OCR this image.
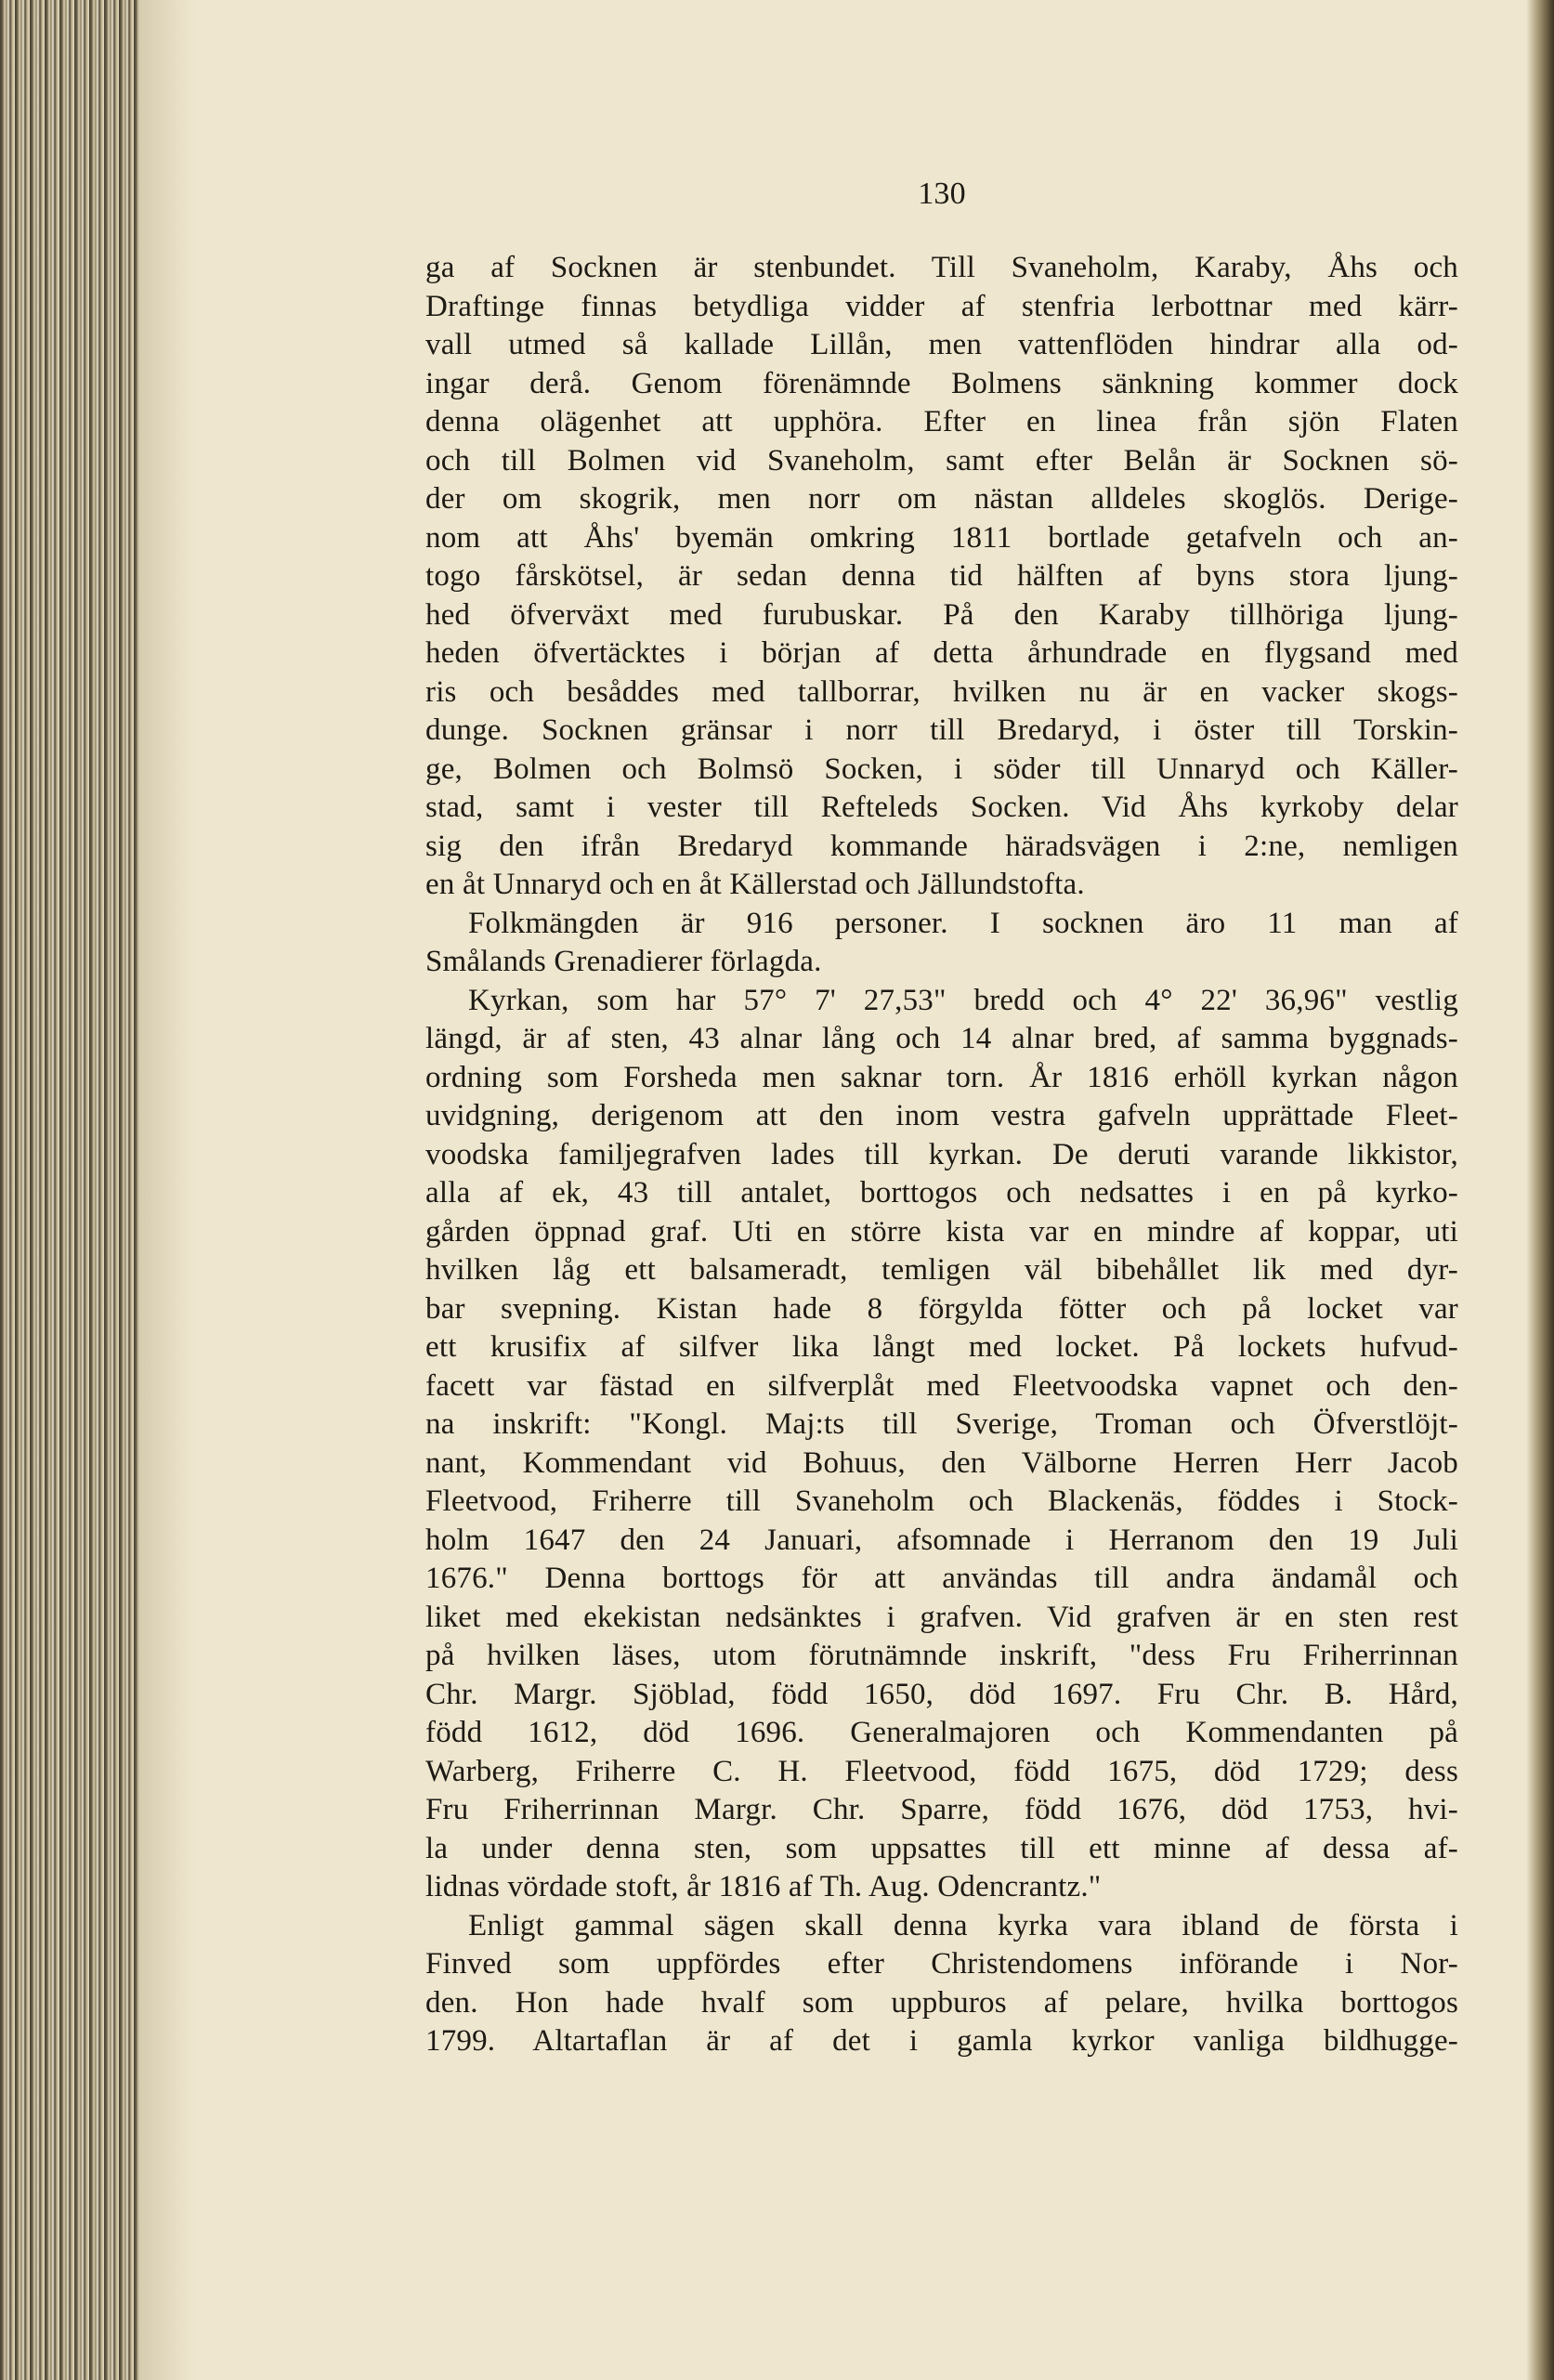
130
ga af Socknen är stenbundet. Till Svaneholm, Karaby, Åhs och
Draftinge finnas betydliga vidder af stenfria lerbottnar med kärr-
vall utmed så kallade Lillån, men vattenflöden hindrar alla od-
ingar derå. Genom förenämnde Bolmens sänkning kommer dock
denna olägenhet att upphöra. Efter en linea från sjön Flaten
och till Bolmen vid Svaneholm, samt efter Belån är Socknen sö-
der om skogrik, men norr om nästan alldeles skoglös. Derige-
nom att Åhs' byemän omkring 1811 bortlade getafveln och an-
togo fårskötsel, är sedan denna tid hälften af byns stora ljung-
hed öfverväxt med furubuskar. På den Karaby tillhöriga ljung-
heden öfvertäcktes i början af detta århundrade en flygsand med
ris och besåddes med tallborrar, hvilken nu är en vacker skogs-
dunge. Socknen gränsar i norr till Bredaryd, i öster till Torskin-
ge, Bolmen och Bolmsö Socken, i söder till Unnaryd och Käller-
stad, samt i vester till Refteleds Socken. Vid Åhs kyrkoby delar
sig den ifrån Bredaryd kommande häradsvägen i 2:ne, nemligen
en åt Unnaryd och en åt Källerstad och Jällundstofta.
Folkmängden är 916 personer. I socknen äro 11 man af
Smålands Grenadierer förlagda.
Kyrkan, som har 57° 7' 27,53" bredd och 4° 22' 36,96" vestlig
längd, är af sten, 43 alnar lång och 14 alnar bred, af samma byggnads-
ordning som Forsheda men saknar torn. År 1816 erhöll kyrkan någon
uvidgning, derigenom att den inom vestra gafveln upprättade Fleet-
voodska familjegrafven lades till kyrkan. De deruti varande likkistor,
alla af ek, 43 till antalet, borttogos och nedsattes i en på kyrko-
gården öppnad graf. Uti en större kista var en mindre af koppar, uti
hvilken låg ett balsameradt, temligen väl bibehållet lik med dyr-
bar svepning. Kistan hade 8 förgylda fötter och på locket var
ett krusifix af silfver lika långt med locket. På lockets hufvud-
facett var fästad en silfverplåt med Fleetvoodska vapnet och den-
na inskrift: "Kongl. Maj:ts till Sverige, Troman och Öfverstlöjt-
nant, Kommendant vid Bohuus, den Välborne Herren Herr Jacob
Fleetvood, Friherre till Svaneholm och Blackenäs, föddes i Stock-
holm 1647 den 24 Januari, afsomnade i Herranom den 19 Juli
1676." Denna borttogs för att användas till andra ändamål och
liket med ekekistan nedsänktes i grafven. Vid grafven är en sten rest
på hvilken läses, utom förutnämnde inskrift, "dess Fru Friherrinnan
Chr. Margr. Sjöblad, född 1650, död 1697. Fru Chr. B. Hård,
född 1612, död 1696. Generalmajoren och Kommendanten på
Warberg, Friherre C. H. Fleetvood, född 1675, död 1729; dess
Fru Friherrinnan Margr. Chr. Sparre, född 1676, död 1753, hvi-
la under denna sten, som uppsattes till ett minne af dessa af-
lidnas vördade stoft, år 1816 af Th. Aug. Odencrantz."
Enligt gammal sägen skall denna kyrka vara ibland de första i
Finved som uppfördes efter Christendomens införande i Nor-
den. Hon hade hvalf som uppburos af pelare, hvilka borttogos
1799. Altartaflan är af det i gamla kyrkor vanliga bildhugge-
